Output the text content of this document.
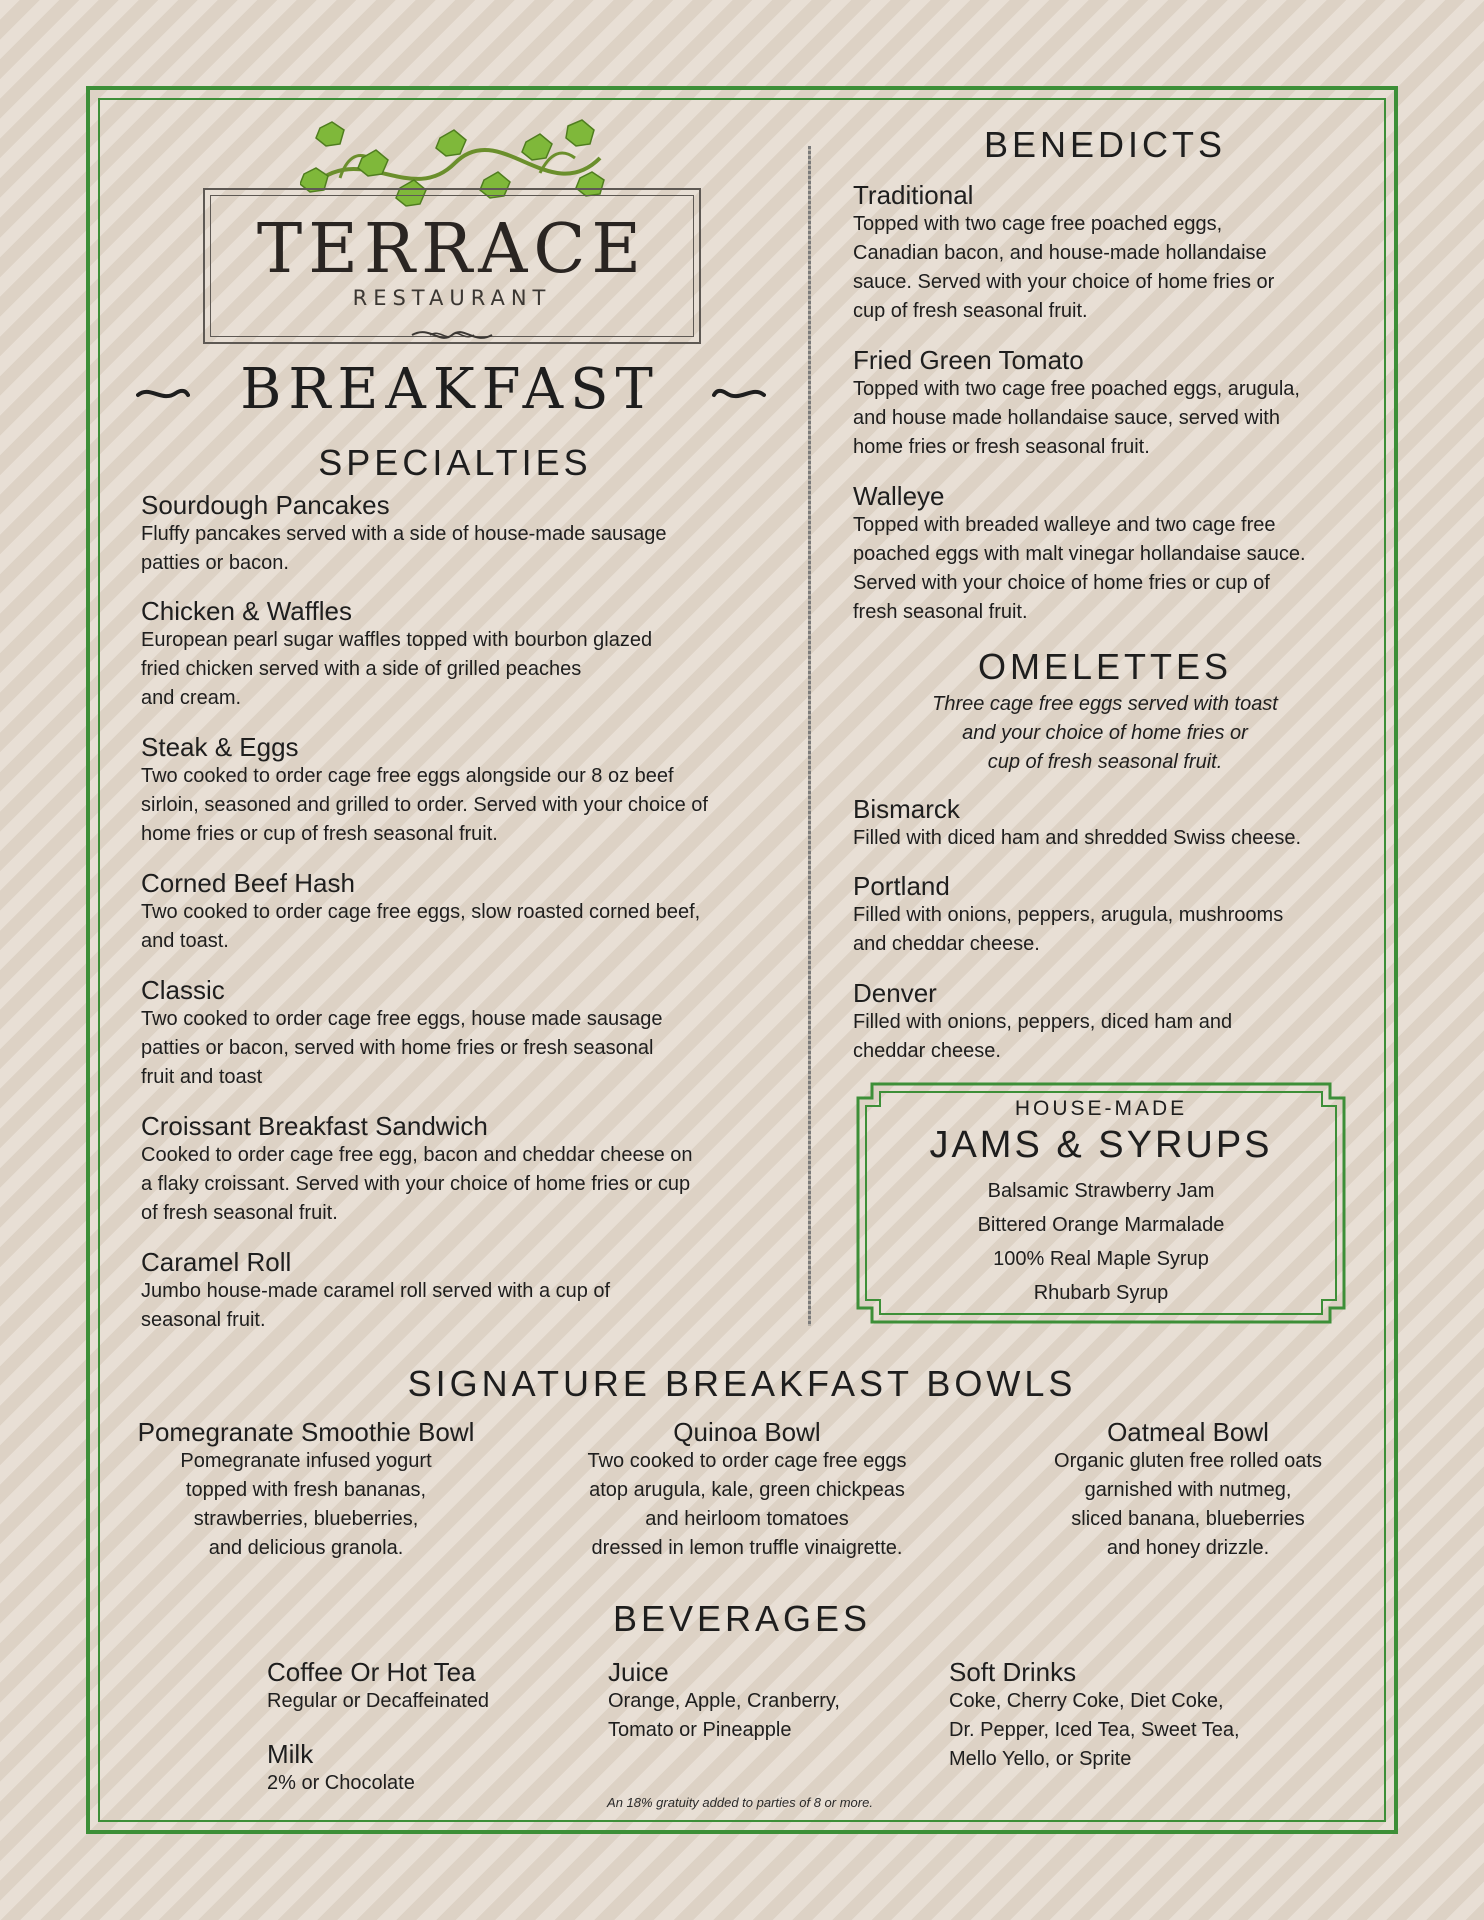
TERRACE
RESTAURANT
BREAKFAST
SPECIALTIES
Sourdough Pancakes
Fluffy pancakes served with a side of house-made sausage
patties or bacon.
Chicken & Waffles
European pearl sugar waffles topped with bourbon glazed
fried chicken served with a side of grilled peaches
and cream.
Steak & Eggs
Two cooked to order cage free eggs alongside our 8 oz beef
sirloin, seasoned and grilled to order. Served with your choice of
home fries or cup of fresh seasonal fruit.
Corned Beef Hash
Two cooked to order cage free eggs, slow roasted corned beef,
and toast.
Classic
Two cooked to order cage free eggs, house made sausage
patties or bacon, served with home fries or fresh seasonal
fruit and toast
Croissant Breakfast Sandwich
Cooked to order cage free egg, bacon and cheddar cheese on
a flaky croissant. Served with your choice of home fries or cup
of fresh seasonal fruit.
Caramel Roll
Jumbo house-made caramel roll served with a cup of
seasonal fruit.
BENEDICTS
Traditional
Topped with two cage free poached eggs,
Canadian bacon, and house-made hollandaise
sauce. Served with your choice of home fries or
cup of fresh seasonal fruit.
Fried Green Tomato
Topped with two cage free poached eggs, arugula,
and house made hollandaise sauce, served with
home fries or fresh seasonal fruit.
Walleye
Topped with breaded walleye and two cage free
poached eggs with malt vinegar hollandaise sauce.
Served with your choice of home fries or cup of
fresh seasonal fruit.
OMELETTES
Three cage free eggs served with toast
and your choice of home fries or
cup of fresh seasonal fruit.
Bismarck
Filled with diced ham and shredded Swiss cheese.
Portland
Filled with onions, peppers, arugula, mushrooms
and cheddar cheese.
Denver
Filled with onions, peppers, diced ham and
cheddar cheese.
HOUSE-MADE
JAMS & SYRUPS
Balsamic Strawberry Jam
Bittered Orange Marmalade
100% Real Maple Syrup
Rhubarb Syrup
SIGNATURE BREAKFAST BOWLS
Pomegranate Smoothie Bowl
Pomegranate infused yogurt
topped with fresh bananas,
strawberries, blueberries,
and delicious granola.
Quinoa Bowl
Two cooked to order cage free eggs
atop arugula, kale, green chickpeas
and heirloom tomatoes
dressed in lemon truffle vinaigrette.
Oatmeal Bowl
Organic gluten free rolled oats
garnished with nutmeg,
sliced banana, blueberries
and honey drizzle.
BEVERAGES
Coffee Or Hot Tea
Regular or Decaffeinated
Milk
2% or Chocolate
Juice
Orange, Apple, Cranberry,
Tomato or Pineapple
Soft Drinks
Coke, Cherry Coke, Diet Coke,
Dr. Pepper, Iced Tea, Sweet Tea,
Mello Yello, or Sprite
An 18% gratuity added to parties of 8 or more.
